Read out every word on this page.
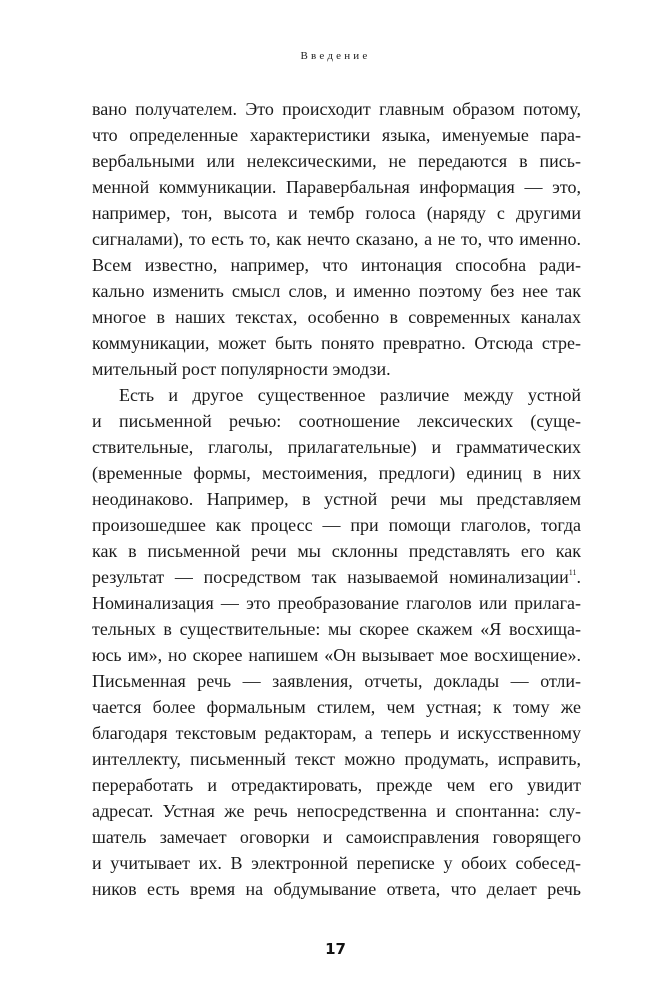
Введение
вано получателем. Это происходит главным образом потому,
что определенные характеристики языка, именуемые пара-
вербальными или нелексическими, не передаются в пись-
менной коммуникации. Паравербальная информация — это,
например, тон, высота и тембр голоса (наряду с другими
сигналами), то есть то, как нечто сказано, а не то, что именно.
Всем известно, например, что интонация способна ради-
кально изменить смысл слов, и именно поэтому без нее так
многое в наших текстах, особенно в современных каналах
коммуникации, может быть понято превратно. Отсюда стре-
мительный рост популярности эмодзи.
Есть и другое существенное различие между устной
и письменной речью: соотношение лексических (суще-
ствительные, глаголы, прилагательные) и грамматических
(временные формы, местоимения, предлоги) единиц в них
неодинаково. Например, в устной речи мы представляем
произошедшее как процесс — при помощи глаголов, тогда
как в письменной речи мы склонны представлять его как
результат — посредством так называемой номинализации$^{11}$.
Номинализация — это преобразование глаголов или прилага-
тельных в существительные: мы скорее скажем «Я восхища-
юсь им», но скорее напишем «Он вызывает мое восхищение».
Письменная речь — заявления, отчеты, доклады — отли-
чается более формальным стилем, чем устная; к тому же
благодаря текстовым редакторам, а теперь и искусственному
интеллекту, письменный текст можно продумать, исправить,
переработать и отредактировать, прежде чем его увидит
адресат. Устная же речь непосредственна и спонтанна: слу-
шатель замечает оговорки и самоисправления говорящего
и учитывает их. В электронной переписке у обоих собесед-
ников есть время на обдумывание ответа, что делает речь
17
